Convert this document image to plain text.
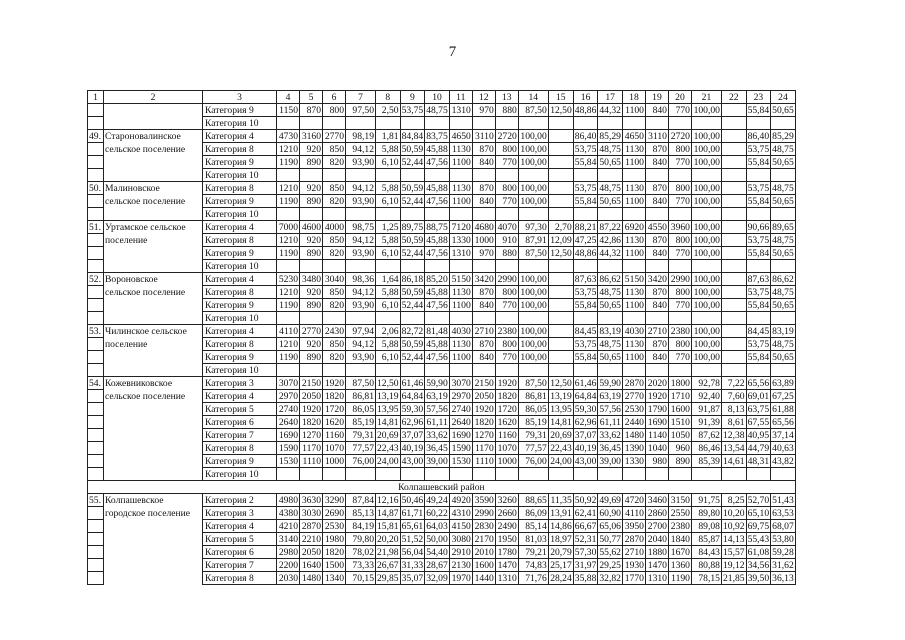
7
1	2	3	4	5	6	7	8	9	10	11	12	13	14	15	16	17	18	19	20	21	22	23	24
		Категория 9	1150	870	800	97,50	2,50	53,75	48,75	1310	970	880	87,50	12,50	48,86	44,32	1100	840	770	100,00		55,84	50,65
		Категория 10																					
49.	Староновалинское	Категория 4	4730	3160	2770	98,19	1,81	84,84	83,75	4650	3110	2720	100,00		86,40	85,29	4650	3110	2720	100,00		86,40	85,29
	сельское поселение	Категория 8	1210	920	850	94,12	5,88	50,59	45,88	1130	870	800	100,00		53,75	48,75	1130	870	800	100,00		53,75	48,75
		Категория 9	1190	890	820	93,90	6,10	52,44	47,56	1100	840	770	100,00		55,84	50,65	1100	840	770	100,00		55,84	50,65
		Категория 10																					
50.	Малиновское	Категория 8	1210	920	850	94,12	5,88	50,59	45,88	1130	870	800	100,00		53,75	48,75	1130	870	800	100,00		53,75	48,75
	сельское поселение	Категория 9	1190	890	820	93,90	6,10	52,44	47,56	1100	840	770	100,00		55,84	50,65	1100	840	770	100,00		55,84	50,65
		Категория 10																					
51.	Уртамское сельское	Категория 4	7000	4600	4000	98,75	1,25	89,75	88,75	7120	4680	4070	97,30	2,70	88,21	87,22	6920	4550	3960	100,00		90,66	89,65
	поселение	Категория 8	1210	920	850	94,12	5,88	50,59	45,88	1330	1000	910	87,91	12,09	47,25	42,86	1130	870	800	100,00		53,75	48,75
		Категория 9	1190	890	820	93,90	6,10	52,44	47,56	1310	970	880	87,50	12,50	48,86	44,32	1100	840	770	100,00		55,84	50,65
		Категория 10																					
52.	Вороновское	Категория 4	5230	3480	3040	98,36	1,64	86,18	85,20	5150	3420	2990	100,00		87,63	86,62	5150	3420	2990	100,00		87,63	86,62
	сельское поселение	Категория 8	1210	920	850	94,12	5,88	50,59	45,88	1130	870	800	100,00		53,75	48,75	1130	870	800	100,00		53,75	48,75
		Категория 9	1190	890	820	93,90	6,10	52,44	47,56	1100	840	770	100,00		55,84	50,65	1100	840	770	100,00		55,84	50,65
		Категория 10																					
53.	Чилинское сельское	Категория 4	4110	2770	2430	97,94	2,06	82,72	81,48	4030	2710	2380	100,00		84,45	83,19	4030	2710	2380	100,00		84,45	83,19
	поселение	Категория 8	1210	920	850	94,12	5,88	50,59	45,88	1130	870	800	100,00		53,75	48,75	1130	870	800	100,00		53,75	48,75
		Категория 9	1190	890	820	93,90	6,10	52,44	47,56	1100	840	770	100,00		55,84	50,65	1100	840	770	100,00		55,84	50,65
		Категория 10																					
54.	Кожевниковское	Категория 3	3070	2150	1920	87,50	12,50	61,46	59,90	3070	2150	1920	87,50	12,50	61,46	59,90	2870	2020	1800	92,78	7,22	65,56	63,89
	сельское поселение	Категория 4	2970	2050	1820	86,81	13,19	64,84	63,19	2970	2050	1820	86,81	13,19	64,84	63,19	2770	1920	1710	92,40	7,60	69,01	67,25
		Категория 5	2740	1920	1720	86,05	13,95	59,30	57,56	2740	1920	1720	86,05	13,95	59,30	57,56	2530	1790	1600	91,87	8,13	63,75	61,88
		Категория 6	2640	1820	1620	85,19	14,81	62,96	61,11	2640	1820	1620	85,19	14,81	62,96	61,11	2440	1690	1510	91,39	8,61	67,55	65,56
		Категория 7	1690	1270	1160	79,31	20,69	37,07	33,62	1690	1270	1160	79,31	20,69	37,07	33,62	1480	1140	1050	87,62	12,38	40,95	37,14
		Категория 8	1590	1170	1070	77,57	22,43	40,19	36,45	1590	1170	1070	77,57	22,43	40,19	36,45	1390	1040	960	86,46	13,54	44,79	40,63
		Категория 9	1530	1110	1000	76,00	24,00	43,00	39,00	1530	1110	1000	76,00	24,00	43,00	39,00	1330	980	890	85,39	14,61	48,31	43,82
		Категория 10																					
Колпашевский район																							
55.	Колпашевское	Категория 2	4980	3630	3290	87,84	12,16	50,46	49,24	4920	3590	3260	88,65	11,35	50,92	49,69	4720	3460	3150	91,75	8,25	52,70	51,43
	городское поселение	Категория 3	4380	3030	2690	85,13	14,87	61,71	60,22	4310	2990	2660	86,09	13,91	62,41	60,90	4110	2860	2550	89,80	10,20	65,10	63,53
		Категория 4	4210	2870	2530	84,19	15,81	65,61	64,03	4150	2830	2490	85,14	14,86	66,67	65,06	3950	2700	2380	89,08	10,92	69,75	68,07
		Категория 5	3140	2210	1980	79,80	20,20	51,52	50,00	3080	2170	1950	81,03	18,97	52,31	50,77	2870	2040	1840	85,87	14,13	55,43	53,80
		Категория 6	2980	2050	1820	78,02	21,98	56,04	54,40	2910	2010	1780	79,21	20,79	57,30	55,62	2710	1880	1670	84,43	15,57	61,08	59,28
		Категория 7	2200	1640	1500	73,33	26,67	31,33	28,67	2130	1600	1470	74,83	25,17	31,97	29,25	1930	1470	1360	80,88	19,12	34,56	31,62
		Категория 8	2030	1480	1340	70,15	29,85	35,07	32,09	1970	1440	1310	71,76	28,24	35,88	32,82	1770	1310	1190	78,15	21,85	39,50	36,13
